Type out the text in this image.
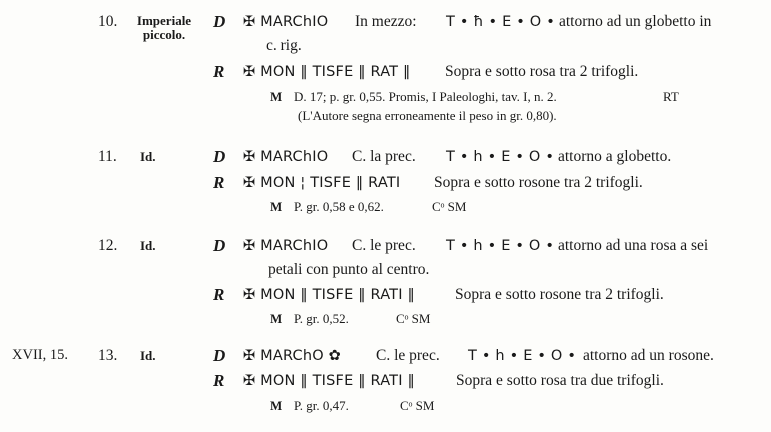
10.	Imperiale piccolo.
D ✠ MARChIO In mezzo: T • ħ • E • O • attorno ad un globetto in
c. rig.
R ✠ MON ‖ TISFE ‖ RAT ‖ Sopra e sotto rosa tra 2 trifogli.
M D. 17; p. gr. 0,55. Promis, I Paleologhi, tav. I, n. 2.	RT
(L'Autore segna erroneamente il peso in gr. 0,80).
11. Id.	D ✠ MARChIO C. la prec. T • h • E • O • attorno a globetto.
R ✠ MON ¦ TISFE ‖ RATI Sopra e sotto rosone tra 2 trifogli.
M P. gr. 0,58 e 0,62.	Cᵒ SM
12. Id.	D ✠ MARChIO C. le prec. T • h • E • O • attorno ad una rosa a sei
petali con punto al centro.
R ✠ MON ‖ TISFE ‖ RATI ‖	Sopra e sotto rosone tra 2 trifogli.
M P. gr. 0,52.	Cᵒ SM
XVII, 15. 13. Id.	D ✠ MARChO ✿ C. le prec. T • h • E • O • attorno ad un rosone.
R ✠ MON ‖ TISFE ‖ RATI ‖	Sopra e sotto rosa tra due trifogli.
M P. gr. 0,47.	Cᵒ SM
